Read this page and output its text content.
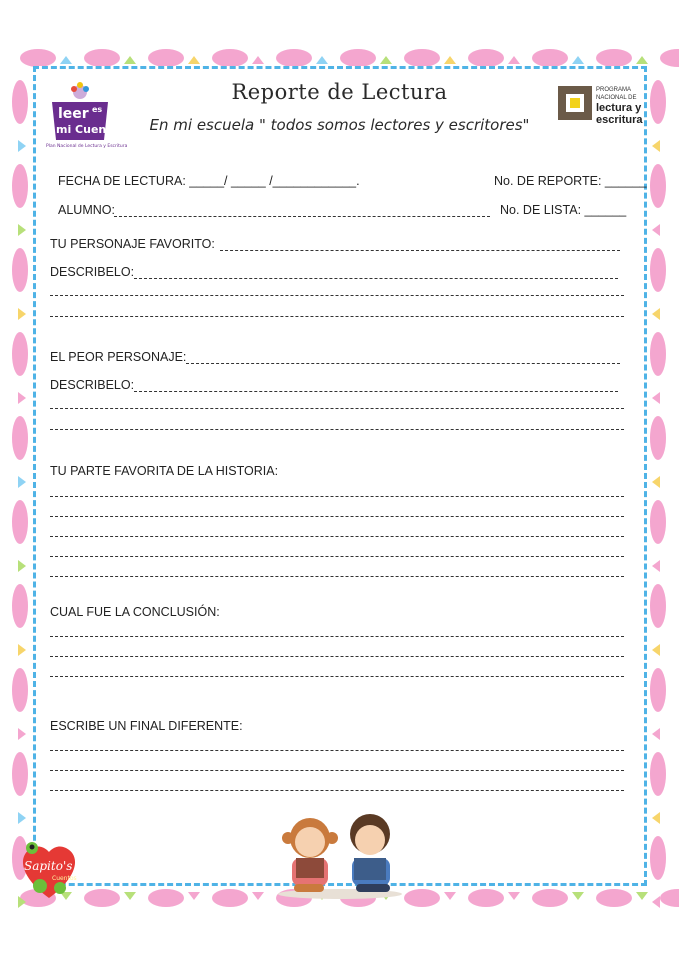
leer es
mi Cuento
Plan Nacional de Lectura y Escritura
PROGRAMA
NACIONAL DE
lectura y
escritura
Reporte de Lectura
En mi escuela " todos somos lectores y escritores"
FECHA DE LECTURA: _____/ _____ /____________.	No. DE REPORTE: ______
ALUMNO:	No. DE LISTA: ______
TU PERSONAJE FAVORITO:
DESCRIBELO:
EL PEOR PERSONAJE:
DESCRIBELO:
TU PARTE FAVORITA DE LA HISTORIA:
CUAL FUE LA CONCLUSIÓN:
ESCRIBE UN FINAL DIFERENTE:
Sapito's
Cuentos
